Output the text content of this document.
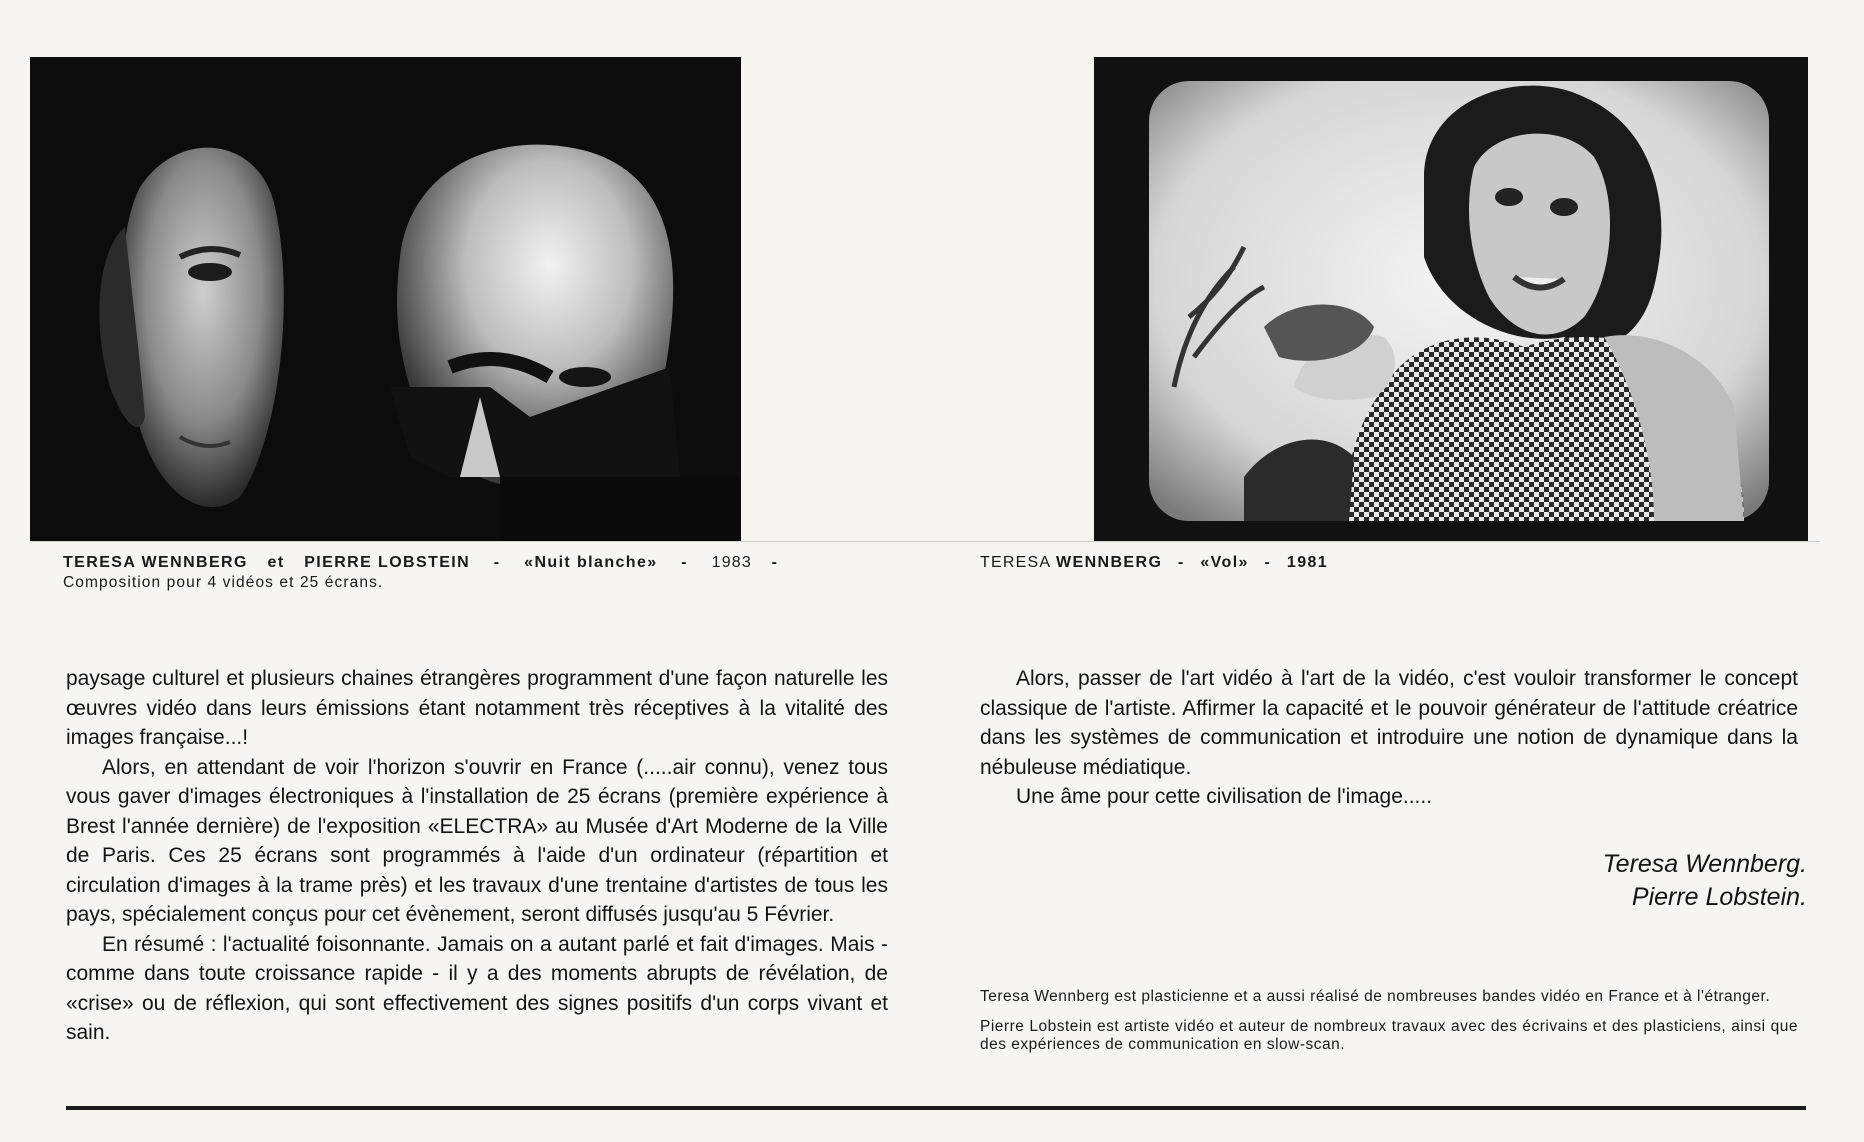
TERESA WENNBERG et PIERRE LOBSTEIN - «Nuit blanche» - 1983 -
Composition pour 4 vidéos et 25 écrans.
TERESA WENNBERG - «Vol» - 1981

paysage culturel et plusieurs chaines étrangères programment d'une façon naturelle les œuvres vidéo dans leurs émissions étant notamment très réceptives à la vitalité des images française...!

Alors, en attendant de voir l'horizon s'ouvrir en France (.....air connu), venez tous vous gaver d'images électroniques à l'installation de 25 écrans (première expérience à Brest l'année dernière) de l'exposition «ELECTRA» au Musée d'Art Moderne de la Ville de Paris. Ces 25 écrans sont programmés à l'aide d'un ordinateur (répartition et circulation d'images à la trame près) et les travaux d'une trentaine d'artistes de tous les pays, spécialement conçus pour cet évènement, seront diffusés jusqu'au 5 Février.

En résumé : l'actualité foisonnante. Jamais on a autant parlé et fait d'images. Mais - comme dans toute croissance rapide - il y a des moments abrupts de révélation, de «crise» ou de réflexion, qui sont effectivement des signes positifs d'un corps vivant et sain.

Alors, passer de l'art vidéo à l'art de la vidéo, c'est vouloir transformer le concept classique de l'artiste. Affirmer la capacité et le pouvoir générateur de l'attitude créatrice dans les systèmes de communication et introduire une notion de dynamique dans la nébuleuse médiatique.

Une âme pour cette civilisation de l'image.....

Teresa Wennberg.
Pierre Lobstein.

Teresa Wennberg est plasticienne et a aussi réalisé de nombreuses bandes vidéo en France et à l'étranger.

Pierre Lobstein est artiste vidéo et auteur de nombreux travaux avec des écrivains et des plasticiens, ainsi que des expériences de communication en slow-scan.
